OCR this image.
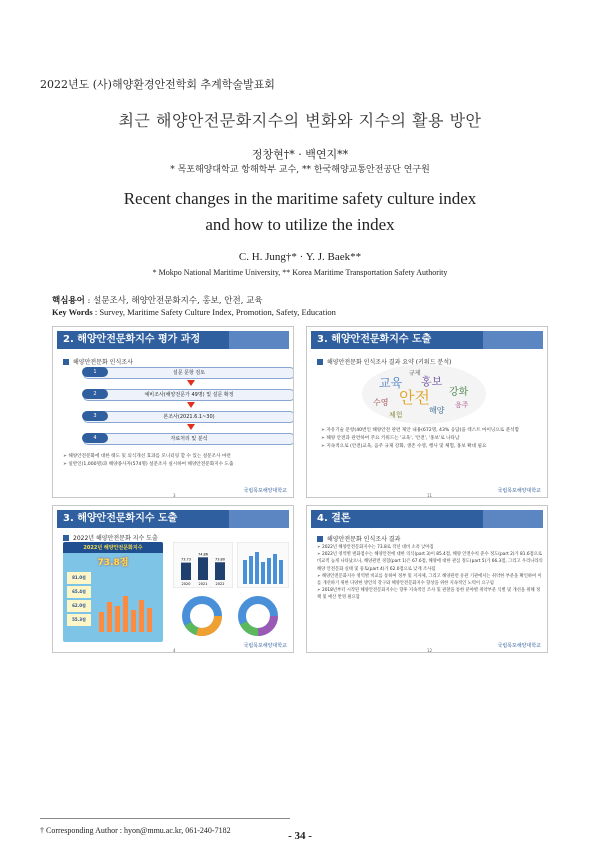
2022년도 (사)해양환경안전학회 추계학술발표회
최근 해양안전문화지수의 변화와 지수의 활용 방안
정창현†* · 백연지**
* 목포해양대학교 항해학부 교수, ** 한국해양교통안전공단 연구원
Recent changes in the maritime safety culture index
and how to utilize the index
C. H. Jung†* · Y. J. Baek**
* Mokpo National Maritime University, ** Korea Maritime Transportation Safety Authority
핵심용어 : 설문조사, 해양안전문화지수, 홍보, 안전, 교육
Key Words : Survey, Maritime Safety Culture Index, Promotion, Safety, Education
2. 해양안전문화지수 평가 과정
해양안전문화 인식조사
1	설문 문항 검토
2	예비조사(해양전문가 49명) 및 설문 확정
3	본조사(2021.6.1~30)
4	자료처리 및 분석
➢ 해양안전문화에 대한 태도 및 의식개선 효과를 모니터링 할 수 있는 설문조사 마련
➢ 일반인(1,000명)과 해양종사자(574명) 설문조사 실시하여 해양안전문화지수 도출
3
국립목포해양대학교
3. 해양안전문화지수 도출
해양안전문화 인식조사 결과 요약 (키워드 분석)
안전
교육 홍보
강화
수영
해양
체험
음주
규제
➢ 자유기술 문항(40번인 해양안전 관련 제안 내용(672명, 43% 응답)을 텍스트 마이닝으로 분석함
➢ 해양 안전과 관련하여 주요 키워드는 '교육', '안전', '홍보'로 나타남
➢ 지속적으로 (안전)교육, 음주 규제 강화, 생존 수영, 행사 및 체험, 홍보 확대 필요
11
국립목포해양대학교
3. 해양안전문화지수 도출
2022년 해양안전문화 지수 도출
2022년 해양안전문화지수
73.8점
81.0점
65.4점
62.0점
55.3점
73.73
2020
74.86
2021
73.80
2022
4
국립목포해양대학교
4. 결론
해양안전문화 인식조사 결과
➢ 2022년 해양안전문화지수는 73.8로 작년 대비 소폭 낮아짐
➢ 2022년 영역별 변화점수는 해양안전에 대한 의식(part 3)이 85.4점, 해양 안전수칙 준수 정도(part 2)가 81.6점으로 비교적 높게 나타났으나, 해양관련 경험(part 1)은 67.6점, 해양에 대한 관심 정도(part 5)가 66.3점, 그리고 우리나라의 해양 안전문화 실태 및 풍토(part 4)가 62.0점으로 낮게 조사됨
➢ 해양안전문화지수 영역별 비교를 통하여 정부 및 지자체, 그리고 해양관련 유관 기관에서는 취약한 부분을 확인하여 이를 개선하기 위한 다양한 방안의 강구와 해양안전문화지수 향상을 위한 지속적인 노력이 요구됨
➢ 2018년부터 시작된 해양안전문화지수는 향후 지속적인 조사 및 관찰을 통한 분야별 취약부분 식별 및 개선을 위해 정책 및 예산 반영 필요함
12
국립목포해양대학교
† Corresponding Author : hyon@mmu.ac.kr, 061-240-7182	- 34 -
